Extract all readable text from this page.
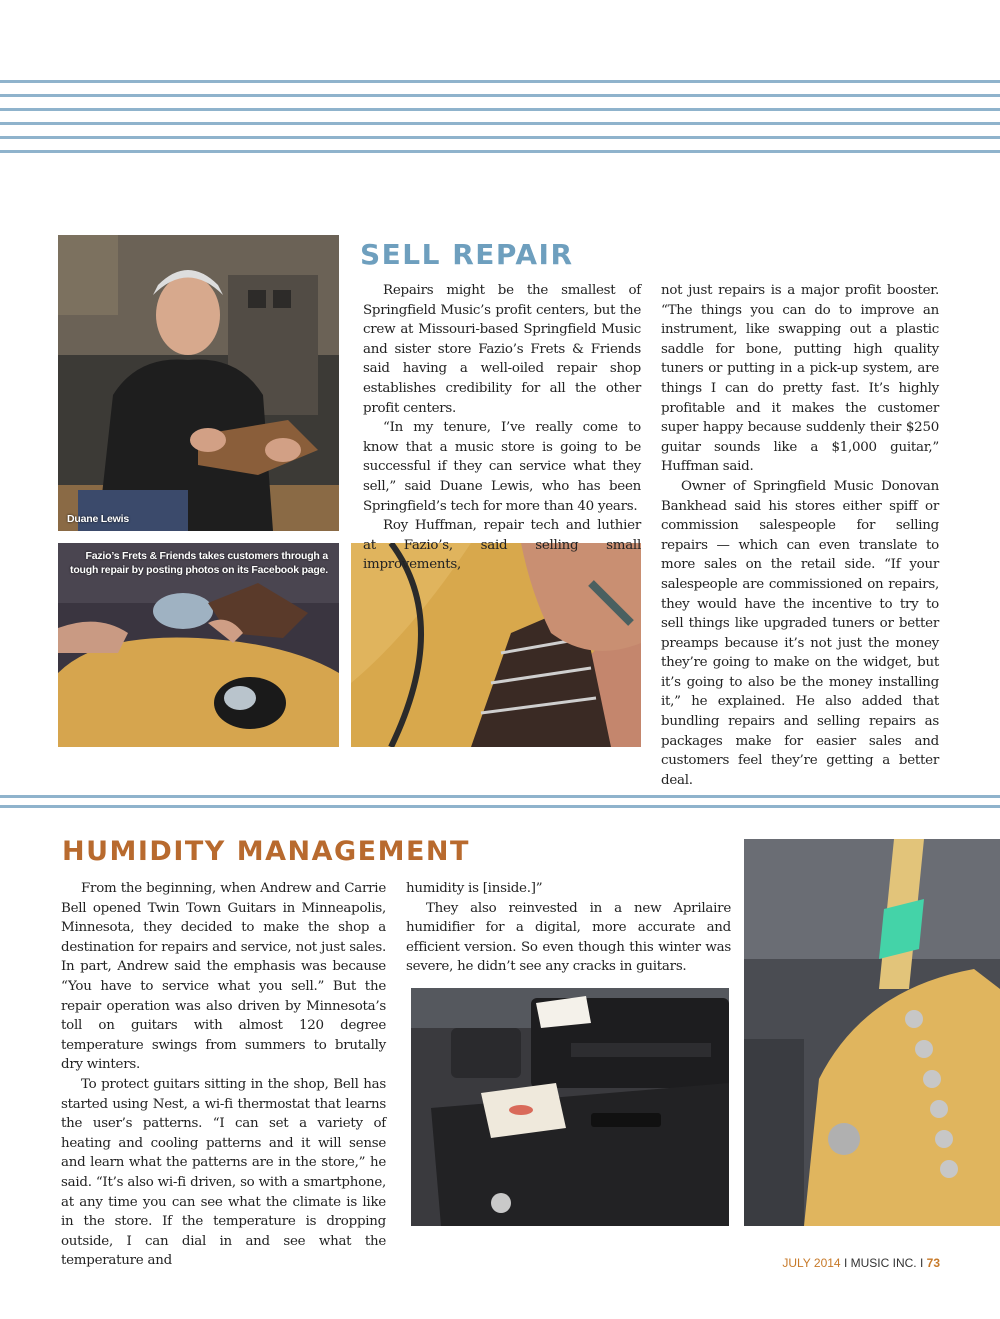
Duane Lewis
Fazio’s Frets & Friends takes customers through a tough repair by posting photos on its Facebook page.
SELL REPAIR

Repairs might be the smallest of Springfield Music’s profit centers, but the crew at Missouri-based Springfield Music and sister store Fazio’s Frets & Friends said having a well-oiled repair shop establishes credibility for all the other profit centers.

“In my tenure, I’ve really come to know that a music store is going to be successful if they can service what they sell,” said Duane Lewis, who has been Springfield’s tech for more than 40 years.

Roy Huffman, repair tech and luthier at Fazio’s, said selling small improvements,

not just repairs is a major profit booster. “The things you can do to improve an instrument, like swapping out a plastic saddle for bone, putting high quality tuners or putting in a pick-up system, are things I can do pretty fast. It’s highly profitable and it makes the customer super happy because suddenly their $250 guitar sounds like a $1,000 guitar,” Huffman said.

Owner of Springfield Music Donovan Bankhead said his stores either spiff or commission salespeople for selling repairs — which can even translate to more sales on the retail side. “If your salespeople are commissioned on repairs, they would have the incentive to try to sell things like upgraded tuners or better preamps because it’s not just the money they’re going to make on the widget, but it’s going to also be the money installing it,” he explained. He also added that bundling repairs and selling repairs as packages make for easier sales and customers feel they’re getting a better deal.

HUMIDITY MANAGEMENT

From the beginning, when Andrew and Carrie Bell opened Twin Town Guitars in Minneapolis, Minnesota, they decided to make the shop a destination for repairs and service, not just sales. In part, Andrew said the emphasis was because “You have to service what you sell.” But the repair operation was also driven by Minnesota’s toll on guitars with almost 120 degree temperature swings from summers to brutally dry winters.

To protect guitars sitting in the shop, Bell has started using Nest, a wi-fi thermostat that learns the user’s patterns. “I can set a variety of heating and cooling patterns and it will sense and learn what the patterns are in the store,” he said. “It’s also wi-fi driven, so with a smartphone, at any time you can see what the climate is like in the store. If the temperature is dropping outside, I can dial in and see what the temperature and

humidity is [inside.]”

They also reinvested in a new Aprilaire humidifier for a digital, more accurate and efficient version. So even though this winter was severe, he didn’t see any cracks in guitars.

JULY 2014 I MUSIC INC. I 73
